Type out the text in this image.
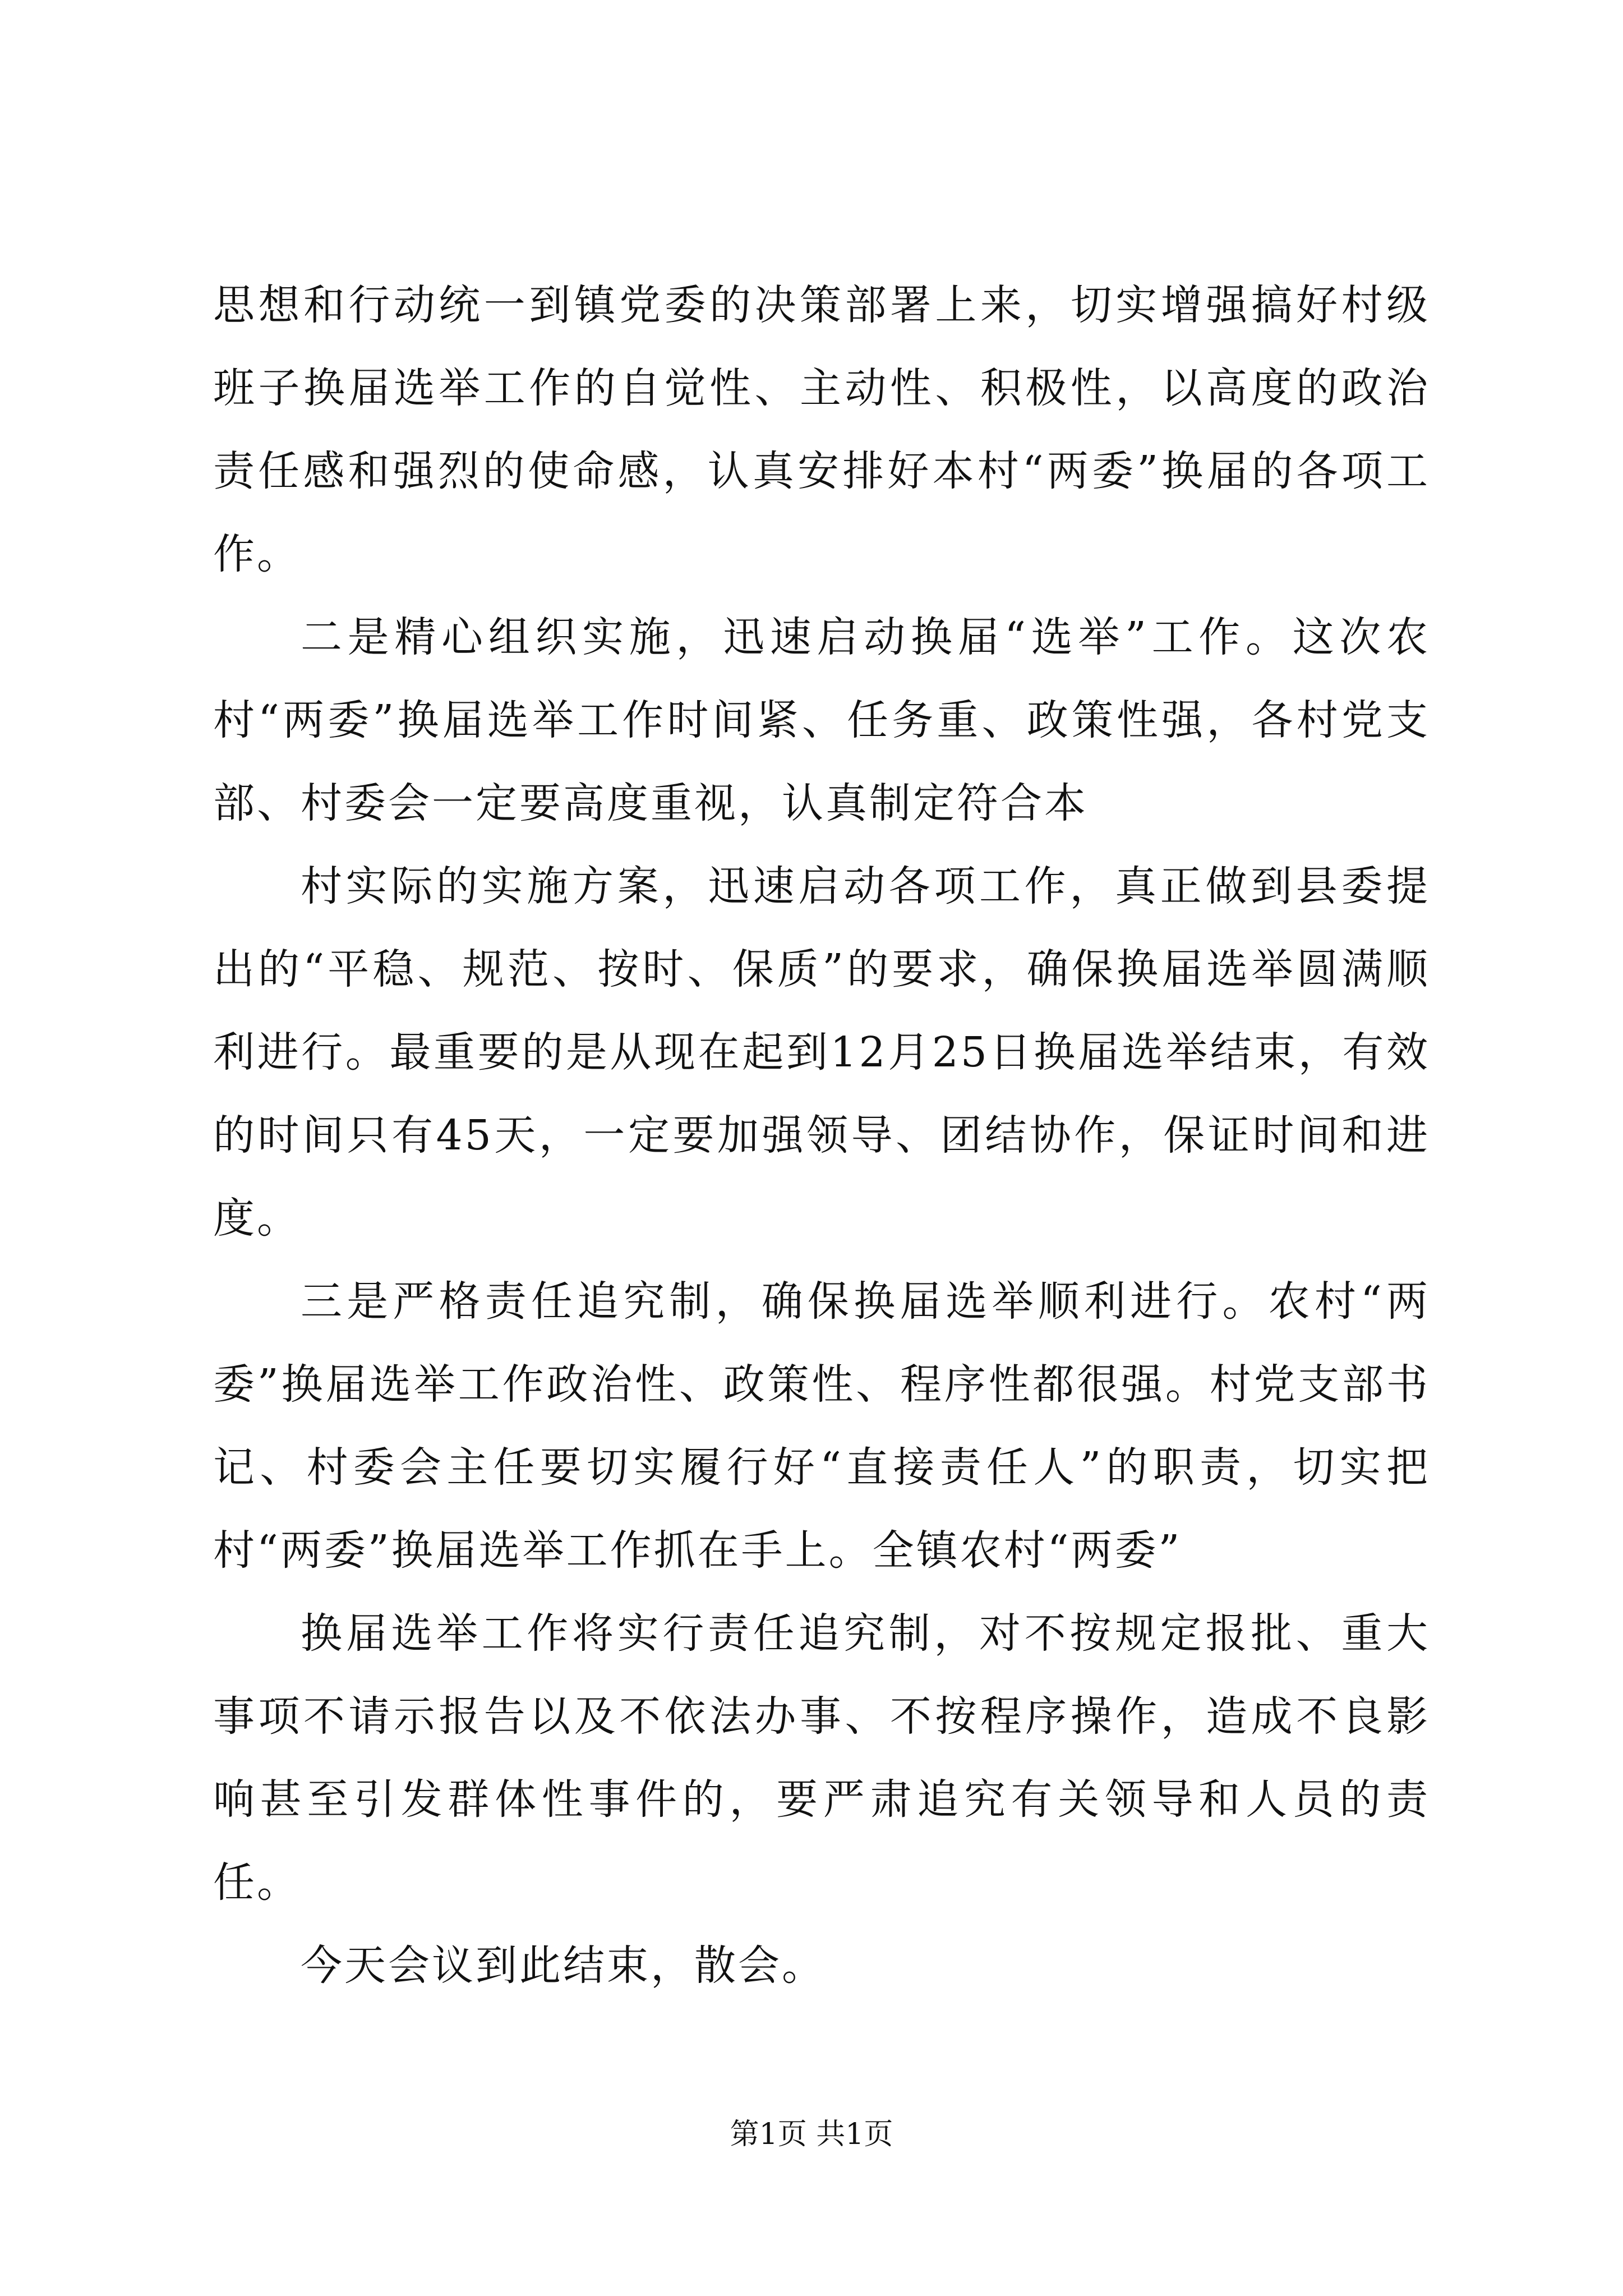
思想和行动统一到镇党委的决策部署上来，切实增强搞好村级班子换届选举工作的自觉性、主动性、积极性，以高度的政治责任感和强烈的使命感，认真安排好本村“两委”换届的各项工作。

二是精心组织实施，迅速启动换届“选举”工作。这次农村“两委”换届选举工作时间紧、任务重、政策性强，各村党支部、村委会一定要高度重视，认真制定符合本

村实际的实施方案，迅速启动各项工作，真正做到县委提出的“平稳、规范、按时、保质”的要求，确保换届选举圆满顺利进行。最重要的是从现在起到12月25日换届选举结束，有效的时间只有45天，一定要加强领导、团结协作，保证时间和进度。

三是严格责任追究制，确保换届选举顺利进行。农村“两委”换届选举工作政治性、政策性、程序性都很强。村党支部书记、村委会主任要切实履行好“直接责任人”的职责，切实把村“两委”换届选举工作抓在手上。全镇农村“两委”

换届选举工作将实行责任追究制，对不按规定报批、重大事项不请示报告以及不依法办事、不按程序操作，造成不良影响甚至引发群体性事件的，要严肃追究有关领导和人员的责任。

今天会议到此结束，散会。

第1页 共1页
